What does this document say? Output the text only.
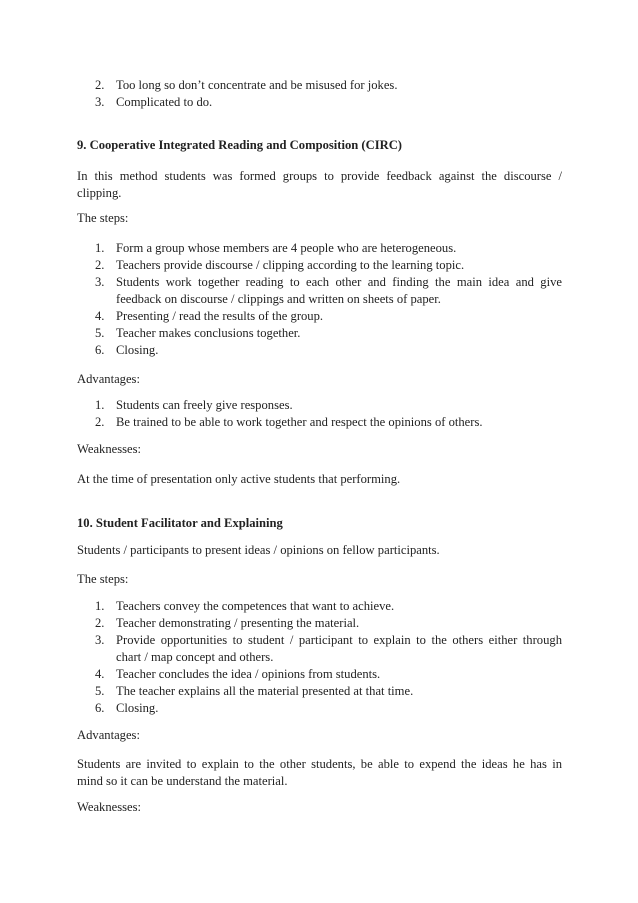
2. Too long so don’t concentrate and be misused for jokes.
3. Complicated to do.
9. Cooperative Integrated Reading and Composition (CIRC)

In this method students was formed groups to provide feedback against the discourse /
clipping.

The steps:

1. Form a group whose members are 4 people who are heterogeneous.
2. Teachers provide discourse / clipping according to the learning topic.
3. Students work together reading to each other and finding the main idea and give
feedback on discourse / clippings and written on sheets of paper.
4. Presenting / read the results of the group.
5. Teacher makes conclusions together.
6. Closing.

Advantages:

1. Students can freely give responses.
2. Be trained to be able to work together and respect the opinions of others.

Weaknesses:

At the time of presentation only active students that performing.

10. Student Facilitator and Explaining

Students / participants to present ideas / opinions on fellow participants.

The steps:

1. Teachers convey the competences that want to achieve.
2. Teacher demonstrating / presenting the material.
3. Provide opportunities to student / participant to explain to the others either through
chart / map concept and others.
4. Teacher concludes the idea / opinions from students.
5. The teacher explains all the material presented at that time.
6. Closing.

Advantages:

Students are invited to explain to the other students, be able to expend the ideas he has in
mind so it can be understand the material.

Weaknesses:
